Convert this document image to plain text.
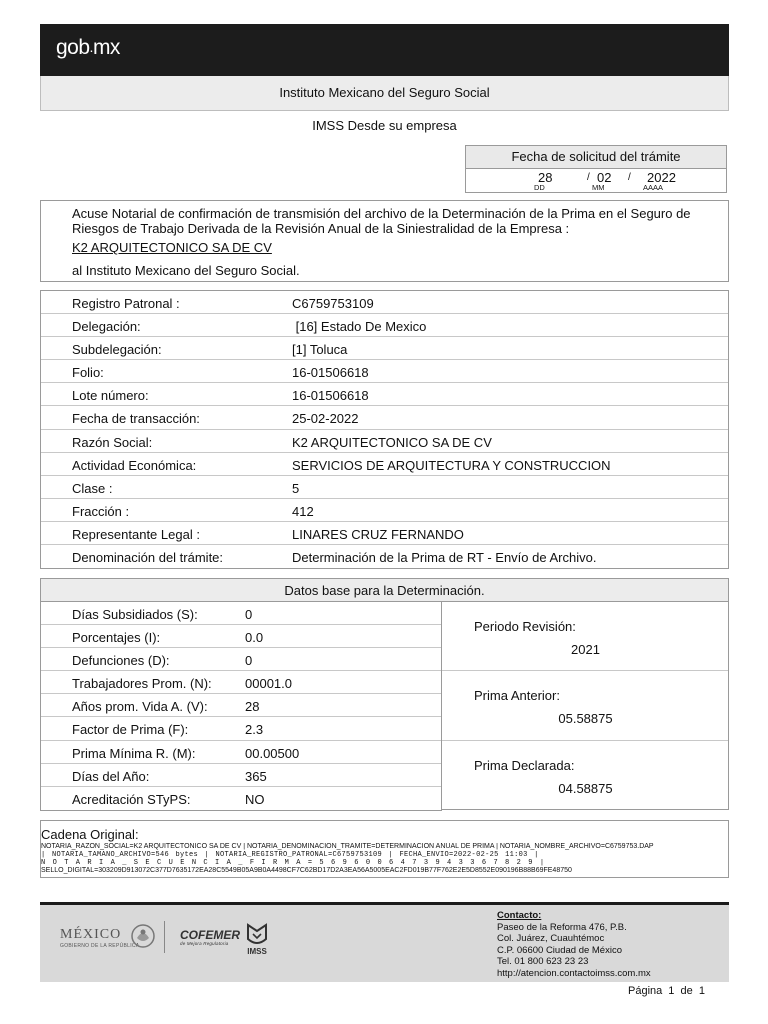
gob.mx
Instituto Mexicano del Seguro Social
IMSS Desde su empresa
Fecha de solicitud del trámite
28	/ 02 / 2022
DD	MM	AAAA
Acuse Notarial de confirmación de transmisión del archivo de la Determinación de la Prima en el Seguro de Riesgos de Trabajo Derivada de la Revisión Anual de la Siniestralidad de la Empresa :
K2 ARQUITECTONICO SA DE CV
al Instituto Mexicano del Seguro Social.
Registro Patronal :	C6759753109
Delegación:	[16] Estado De Mexico
Subdelegación:	[1] Toluca
Folio:	16-01506618
Lote número:	16-01506618
Fecha de transacción:	25-02-2022
Razón Social:	K2 ARQUITECTONICO SA DE CV
Actividad Económica:	SERVICIOS DE ARQUITECTURA Y CONSTRUCCION
Clase :	5
Fracción :	412
Representante Legal :	LINARES CRUZ FERNANDO
Denominación del trámite:	Determinación de la Prima de RT - Envío de Archivo.
Datos base para la Determinación.
Días Subsidiados (S):	0
Porcentajes (I):	0.0
Defunciones (D):	0
Trabajadores Prom. (N):	00001.0
Años prom. Vida A. (V):	28
Factor de Prima (F):	2.3
Prima Mínima R. (M):	00.00500
Días del Año:	365
Acreditación STyPS:	NO
Periodo Revisión:
2021
Prima Anterior:
05.58875
Prima Declarada:
04.58875
Cadena Original:
NOTARIA_RAZON_SOCIAL=K2 ARQUITECTONICO SA DE CV | NOTARIA_DENOMINACION_TRAMITE=DETERMINACION ANUAL DE PRIMA | NOTARIA_NOMBRE_ARCHIVO=C6759753.DAP
| NOTARIA_TAMANO_ARCHIVO=546 bytes | NOTARIA_REGISTRO_PATRONAL=C6759753109 | FECHA_ENVIO=2022-02-25 11:03 |
N O T A R I A _ S E C U E N C I A _ F I R M A = 5 6 9 6 0 0 6 4 7 3 9 4 3 3 6 7 8 2 9 |
SELLO_DIGITAL=303209D913072C377D7635172EA28C5549B05A9B0A4498CF7C62BD17D2A3EA56A5005EAC2FD019B77F762E2E5D8552E090196B88B69FE48750
MÉXICO
GOBIERNO DE LA REPÚBLICA
COFEMER
de Mejora Regulatoria
IMSS
Contacto:
Paseo de la Reforma 476, P.B.
Col. Juárez, Cuauhtémoc
C.P. 06600 Ciudad de México
Tel. 01 800 623 23 23
http://atencion.contactoimss.com.mx
Página 1 de 1
